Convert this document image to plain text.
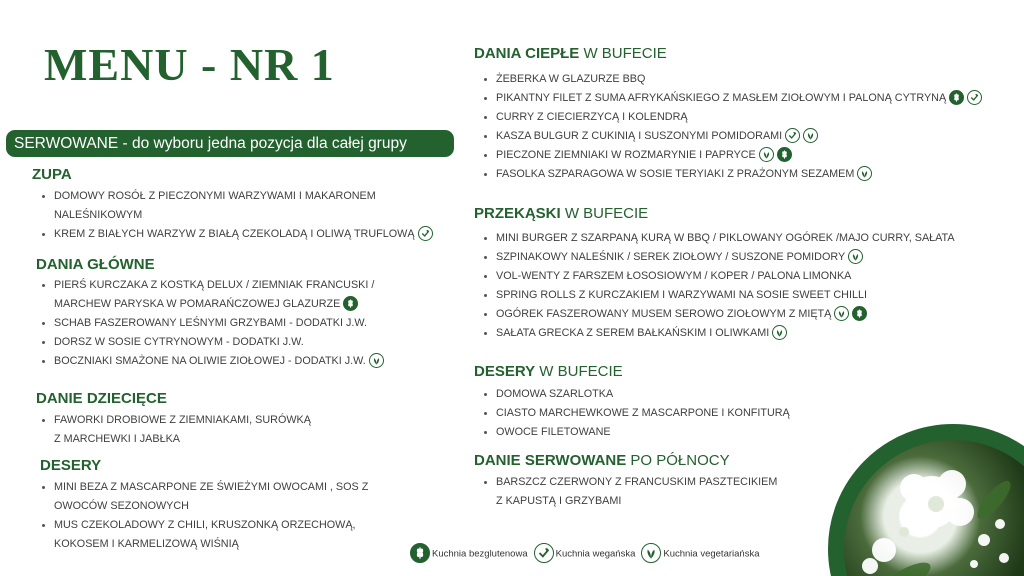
MENU - NR 1
SERWOWANE - do wyboru jedna pozycja dla całej grupy
ZUPA
DOMOWY ROSÓŁ Z PIECZONYMI WARZYWAMI I MAKARONEM
NALEŚNIKOWYM
KREM Z BIAŁYCH WARZYW Z BIAŁĄ CZEKOLADĄ I OLIWĄ TRUFLOWĄ
DANIA GŁÓWNE
PIERŚ KURCZAKA Z KOSTKĄ DELUX / ZIEMNIAK FRANCUSKI /
MARCHEW PARYSKA W POMARAŃCZOWEJ GLAZURZE
SCHAB FASZEROWANY LEŚNYMI GRZYBAMI - DODATKI J.W.
DORSZ W SOSIE CYTRYNOWYM - DODATKI J.W.
BOCZNIAKI SMAŻONE NA OLIWIE ZIOŁOWEJ - DODATKI J.W.
DANIE DZIECIĘCE
FAWORKI DROBIOWE Z ZIEMNIAKAMI, SURÓWKĄ
Z MARCHEWKI I JABŁKA
DESERY
MINI BEZA Z MASCARPONE ZE ŚWIEŻYMI OWOCAMI , SOS Z
OWOCÓW SEZONOWYCH
MUS CZEKOLADOWY Z CHILI, KRUSZONKĄ ORZECHOWĄ,
KOKOSEM I KARMELIZOWĄ WIŚNIĄ
DANIA CIEPŁE W BUFECIE
ŻEBERKA W GLAZURZE BBQ
PIKANTNY FILET Z SUMA AFRYKAŃSKIEGO Z MASŁEM ZIOŁOWYM I PALONĄ CYTRYNĄ
CURRY Z CIECIERZYCĄ I KOLENDRĄ
KASZA BULGUR Z CUKINIĄ I SUSZONYMI POMIDORAMI
PIECZONE ZIEMNIAKI W ROZMARYNIE I PAPRYCE
FASOLKA SZPARAGOWA W SOSIE TERYIAKI Z PRAŻONYM SEZAMEM
PRZEKĄSKI W BUFECIE
MINI BURGER Z SZARPANĄ KURĄ W BBQ / PIKLOWANY OGÓREK /MAJO CURRY, SAŁATA
SZPINAKOWY NALEŚNIK / SEREK ZIOŁOWY / SUSZONE POMIDORY
VOL-WENTY Z FARSZEM ŁOSOSIOWYM / KOPER / PALONA LIMONKA
SPRING ROLLS Z KURCZAKIEM I WARZYWAMI NA SOSIE SWEET CHILLI
OGÓREK FASZEROWANY MUSEM SEROWO ZIOŁOWYM Z MIĘTĄ
SAŁATA GRECKA Z SEREM BAŁKAŃSKIM I OLIWKAMI
DESERY W BUFECIE
DOMOWA SZARLOTKA
CIASTO MARCHEWKOWE Z MASCARPONE I KONFITURĄ
OWOCE FILETOWANE
DANIE SERWOWANE PO PÓŁNOCY
BARSZCZ CZERWONY Z FRANCUSKIM PASZTECIKIEM
Z KAPUSTĄ I GRZYBAMI
Kuchnia bezglutenowa	Kuchnia wegańska	Kuchnia vegetariańska
